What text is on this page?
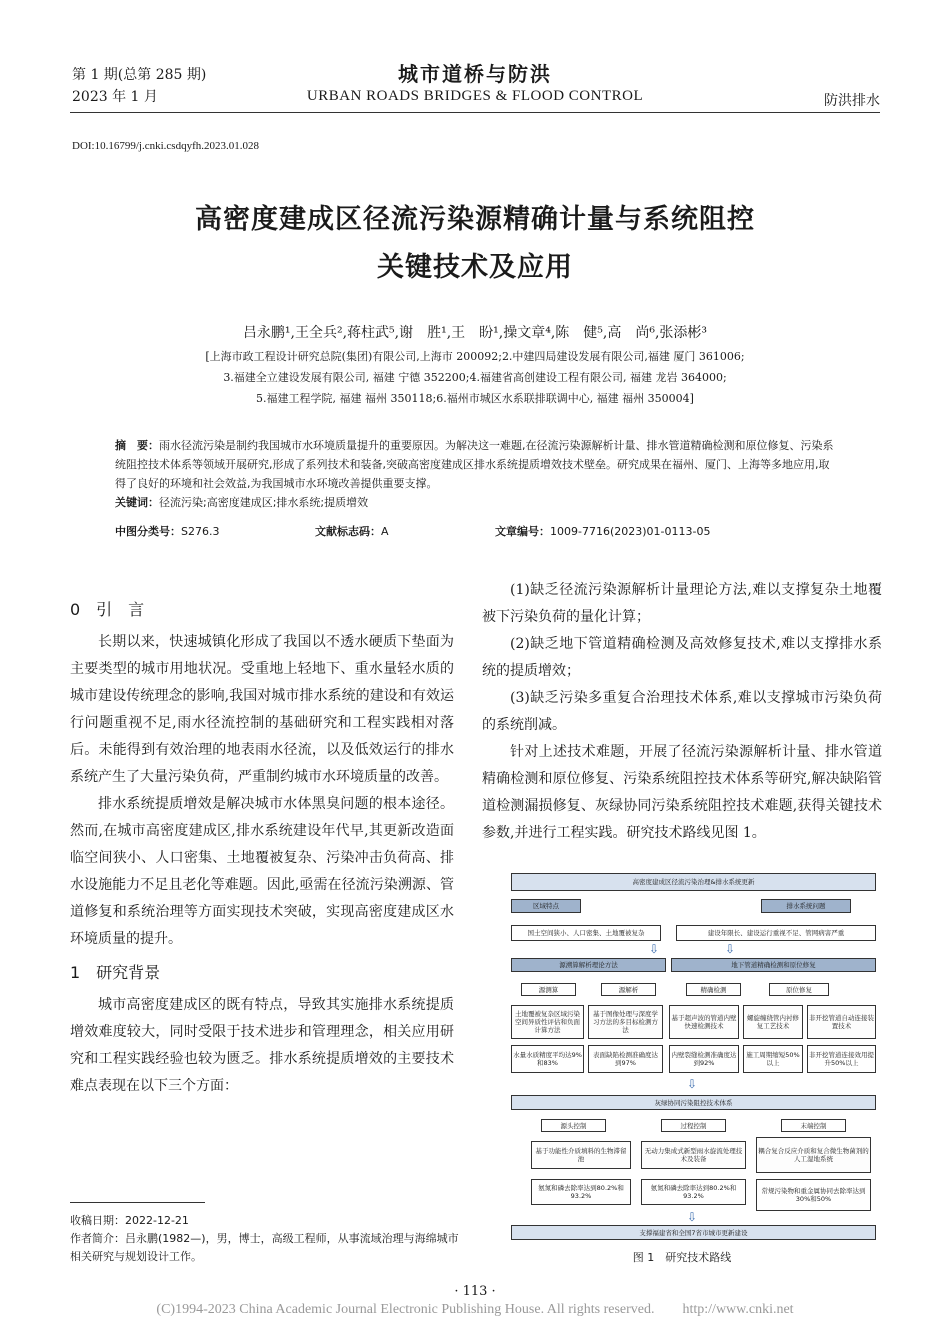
第 1 期(总第 285 期)
2023 年 1 月
城市道桥与防洪
URBAN ROADS BRIDGES & FLOOD CONTROL	防洪排水
DOI:10.16799/j.cnki.csdqyfh.2023.01.028
高密度建成区径流污染源精确计量与系统阻控
关键技术及应用
吕永鹏¹,王全兵²,蒋柱武⁵,谢　胜¹,王　盼¹,操文章⁴,陈　健⁵,高　尚⁶,张添彬³
[上海市政工程设计研究总院(集团)有限公司,上海市 200092;2.中建四局建设发展有限公司,福建 厦门 361006;
3.福建全立建设发展有限公司, 福建 宁德 352200;4.福建省高创建设工程有限公司, 福建 龙岩 364000;
5.福建工程学院, 福建 福州 350118;6.福州市城区水系联排联调中心, 福建 福州 350004]
摘　要：雨水径流污染是制约我国城市水环境质量提升的重要原因。为解决这一难题,在径流污染源解析计量、排水管道精确检测和原位修复、污染系统阻控技术体系等领域开展研究,形成了系列技术和装备,突破高密度建成区排水系统提质增效技术壁垒。研究成果在福州、厦门、上海等多地应用,取得了良好的环境和社会效益,为我国城市水环境改善提供重要支撑。
关键词：径流污染;高密度建成区;排水系统;提质增效
中图分类号：S276.3	文献标志码：A	文章编号：1009-7716(2023)01-0113-05
0　引　言

长期以来，快速城镇化形成了我国以不透水硬质下垫面为主要类型的城市用地状况。受重地上轻地下、重水量轻水质的城市建设传统理念的影响,我国对城市排水系统的建设和有效运行问题重视不足,雨水径流控制的基础研究和工程实践相对落后。未能得到有效治理的地表雨水径流，以及低效运行的排水系统产生了大量污染负荷，严重制约城市水环境质量的改善。

排水系统提质增效是解决城市水体黑臭问题的根本途径。然而,在城市高密度建成区,排水系统建设年代早,其更新改造面临空间狭小、人口密集、土地覆被复杂、污染冲击负荷高、排水设施能力不足且老化等难题。因此,亟需在径流污染溯源、管道修复和系统治理等方面实现技术突破，实现高密度建成区水环境质量的提升。

1　研究背景

城市高密度建成区的既有特点，导致其实施排水系统提质增效难度较大，同时受限于技术进步和管理理念，相关应用研究和工程实践经验也较为匮乏。排水系统提质增效的主要技术难点表现在以下三个方面：

(1)缺乏径流污染源解析计量理论方法,难以支撑复杂土地覆被下污染负荷的量化计算；

(2)缺乏地下管道精确检测及高效修复技术,难以支撑排水系统的提质增效；

(3)缺乏污染多重复合治理技术体系,难以支撑城市污染负荷的系统削减。

针对上述技术难题，开展了径流污染源解析计量、排水管道精确检测和原位修复、污染系统阻控技术体系等研究,解决缺陷管道检测漏损修复、灰绿协同污染系统阻控技术难题,获得关键技术参数,并进行工程实践。研究技术路线见图 1。

高密度建成区径流污染治理&排水系统更新
区域特点
国土空间狭小、人口密集、土地覆被复杂
排水系统问题
建设年限长、建设运行重视不足、管网病害严重
⇩	⇩
源溯算解析理论方法	地下管道精确检测和原位修复
源测算	源解析	精确检测	原位修复
土地覆被复杂区域污染空间异质性评估和负面计算方法
基于图像处理与深度学习方法的多目标检测方法
基于超声波的管道内壁快速检测技术
螺旋缠绕管内衬修复工艺技术
非开挖管道自动连接装置技术
水量水质精度平均达9%和83%
表面缺陷检测准确度达到97%
内壁裂缝检测准确度达到92%
施工周期缩短50%以上
非开挖管道连接效用提升50%以上
⇩
灰绿协同污染阻控技术体系
源头控制	过程控制	末端控制
基于功能性介质填料的生物滞留池
无动力集成式新型雨水旋流处理技术及装备
耦合复合反应介质和复合微生物菌剂的人工湿地系统
氨氮和磷去除率达到80.2%和93.2%
氨氮和磷去除率达到80.2%和93.2%
常规污染物和重金属协同去除率达到30%和50%
⇩
支撑福建省和全国7省市城市更新建设
图 1　研究技术路线
收稿日期：2022-12-21
作者简介：吕永鹏(1982—)，男，博士，高级工程师，从事流域治理与海绵城市相关研究与规划设计工作。
· 113 ·
(C)1994-2023 China Academic Journal Electronic Publishing House. All rights reserved.　　http://www.cnki.net
